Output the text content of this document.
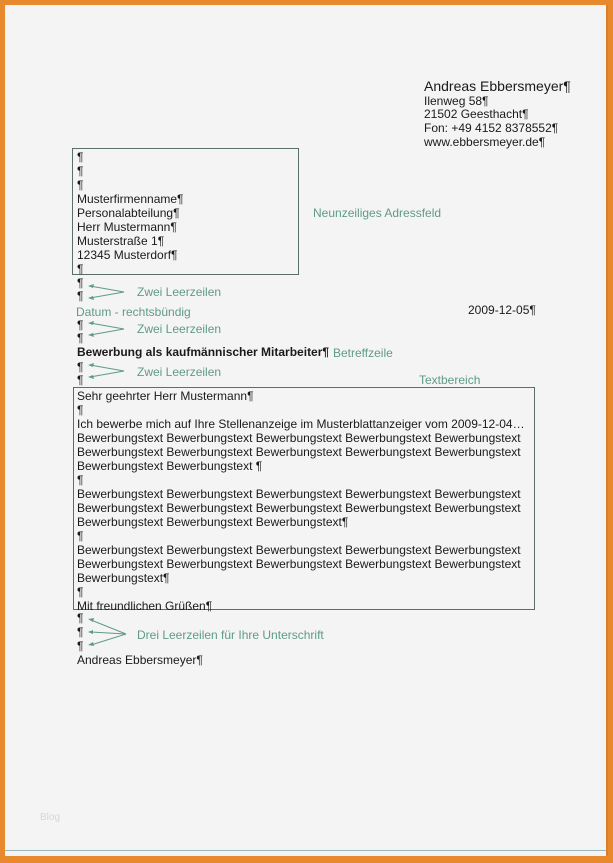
Andreas Ebbersmeyer¶
Ilenweg 58¶
21502 Geesthacht¶
Fon: +49 4152 8378552¶
www.ebbersmeyer.de¶
¶
¶
¶
Musterfirmenname¶
Personalabteilung¶
Herr Mustermann¶
Musterstraße 1¶
12345 Musterdorf¶
¶
Neunzeiliges Adressfeld
¶
¶	Zwei Leerzeilen
Datum - rechtsbündig	2009-12-05¶
¶
¶
Zwei Leerzeilen
Bewerbung als kaufmännischer Mitarbeiter¶ Betreffzeile
¶
¶
Zwei Leerzeilen
Textbereich
Sehr geehrter Herr Mustermann¶
¶
Ich bewerbe mich auf Ihre Stellenanzeige im Musterblattanzeiger vom 2009-12-04…
Bewerbungstext Bewerbungstext Bewerbungstext Bewerbungstext Bewerbungstext
Bewerbungstext Bewerbungstext Bewerbungstext Bewerbungstext Bewerbungstext
Bewerbungstext Bewerbungstext ¶
¶
Bewerbungstext Bewerbungstext Bewerbungstext Bewerbungstext Bewerbungstext
Bewerbungstext Bewerbungstext Bewerbungstext Bewerbungstext Bewerbungstext
Bewerbungstext Bewerbungstext Bewerbungstext¶
¶
Bewerbungstext Bewerbungstext Bewerbungstext Bewerbungstext Bewerbungstext
Bewerbungstext Bewerbungstext Bewerbungstext Bewerbungstext Bewerbungstext
Bewerbungstext¶
¶
Mit freundlichen Grüßen¶
¶
¶
¶
Drei Leerzeilen für Ihre Unterschrift
Andreas Ebbersmeyer¶
Blog
